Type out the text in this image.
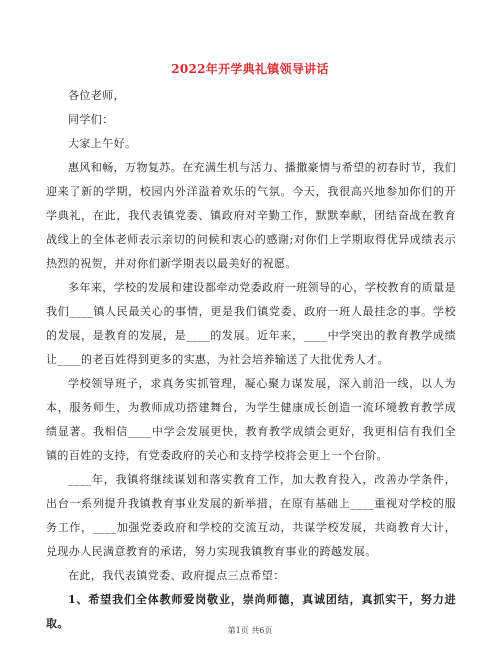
2022年开学典礼镇领导讲话

各位老师，

同学们：

大家上午好。

惠风和畅，万物复苏。在充满生机与活力、播撒豪情与希望的初春时节，我们迎来了新的学期，校园内外洋溢着欢乐的气氛。今天，我很高兴地参加你们的开学典礼，在此，我代表镇党委、镇政府对辛勤工作，默默奉献，团结奋战在教育战线上的全体老师表示亲切的问候和衷心的感谢;对你们上学期取得优异成绩表示热烈的祝贺，并对你们新学期表以最美好的祝愿。

多年来，学校的发展和建设都牵动党委政府一班领导的心，学校教育的质量是我们____镇人民最关心的事情，更是我们镇党委、政府一班人最挂念的事。学校的发展，是教育的发展，是____的发展。近年来，____中学突出的教育教学成绩让____的老百姓得到更多的实惠，为社会培养输送了大批优秀人才。

学校领导班子，求真务实抓管理，凝心聚力谋发展，深入前沿一线，以人为本，服务师生，为教师成功搭建舞台，为学生健康成长创造一流环境教育教学成绩显著。我相信____中学会发展更快，教育教学成绩会更好，我更相信有我们全镇的百姓的支持，有党委政府的关心和支持学校将会更上一个台阶。

____年，我镇将继续谋划和落实教育工作，加大教育投入，改善办学条件，出台一系列提升我镇教育事业发展的新举措，在原有基础上____重视对学校的服务工作，____加强党委政府和学校的交流互动，共谋学校发展，共商教育大计，兑现办人民满意教育的承诺，努力实现我镇教育事业的跨越发展。

在此，我代表镇党委、政府提点三点希望：

1、希望我们全体教师爱岗敬业，崇尚师德，真诚团结，真抓实干，努力进取。

第1页 共6页
